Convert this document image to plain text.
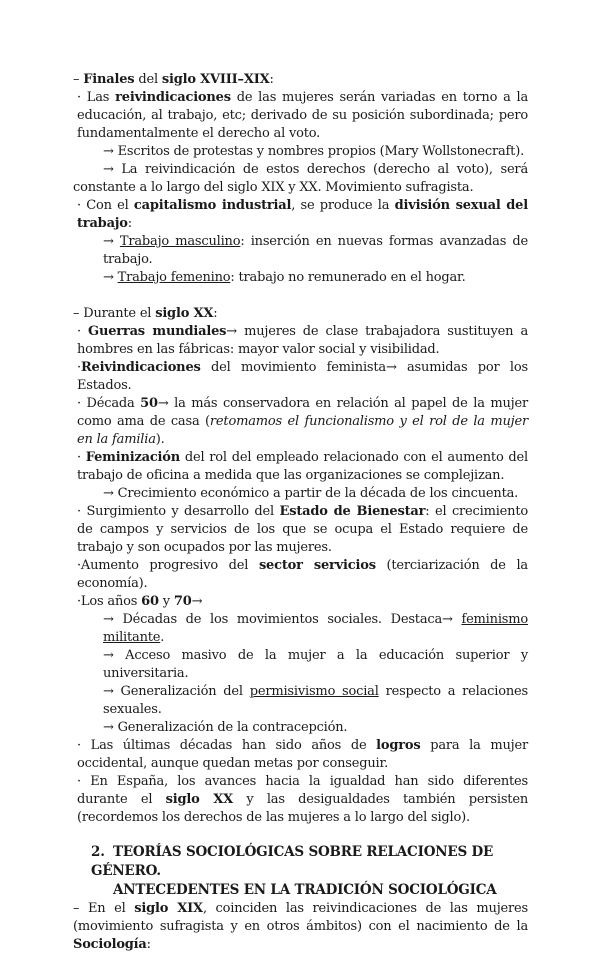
– Finales del siglo XVIII–XIX:

· Las reivindicaciones de las mujeres serán variadas en torno a la educación, al trabajo, etc; derivado de su posición subordinada; pero fundamentalmente el derecho al voto.

→ Escritos de protestas y nombres propios (Mary Wollstonecraft).

→ La reivindicación de estos derechos (derecho al voto), será constante a lo largo del siglo XIX y XX. Movimiento sufragista.

· Con el capitalismo industrial, se produce la división sexual del trabajo:

→ Trabajo masculino: inserción en nuevas formas avanzadas de trabajo.

→ Trabajo femenino: trabajo no remunerado en el hogar.

– Durante el siglo XX:

· Guerras mundiales→ mujeres de clase trabajadora sustituyen a hombres en las fábricas: mayor valor social y visibilidad.

·Reivindicaciones del movimiento feminista→ asumidas por los Estados.

· Década 50→ la más conservadora en relación al papel de la mujer como ama de casa (retomamos el funcionalismo y el rol de la mujer en la familia).

· Feminización del rol del empleado relacionado con el aumento del trabajo de oficina a medida que las organizaciones se complejizan.

→ Crecimiento económico a partir de la década de los cincuenta.

· Surgimiento y desarrollo del Estado de Bienestar: el crecimiento de campos y servicios de los que se ocupa el Estado requiere de trabajo y son ocupados por las mujeres.

·Aumento progresivo del sector servicios (terciarización de la economía).

·Los años 60 y 70→

→ Décadas de los movimientos sociales. Destaca→ feminismo militante.

→ Acceso masivo de la mujer a la educación superior y universitaria.

→ Generalización del permisivismo social respecto a relaciones sexuales.

→ Generalización de la contracepción.

· Las últimas décadas han sido años de logros para la mujer occidental, aunque quedan metas por conseguir.

· En España, los avances hacia la igualdad han sido diferentes durante el siglo XX y las desigualdades también persisten (recordemos los derechos de las mujeres a lo largo del siglo).

2. TEORÍAS SOCIOLÓGICAS SOBRE RELACIONES DE GÉNERO.
ANTECEDENTES EN LA TRADICIÓN SOCIOLÓGICA

– En el siglo XIX, coinciden las reivindicaciones de las mujeres (movimiento sufragista y en otros ámbitos) con el nacimiento de la Sociología:
